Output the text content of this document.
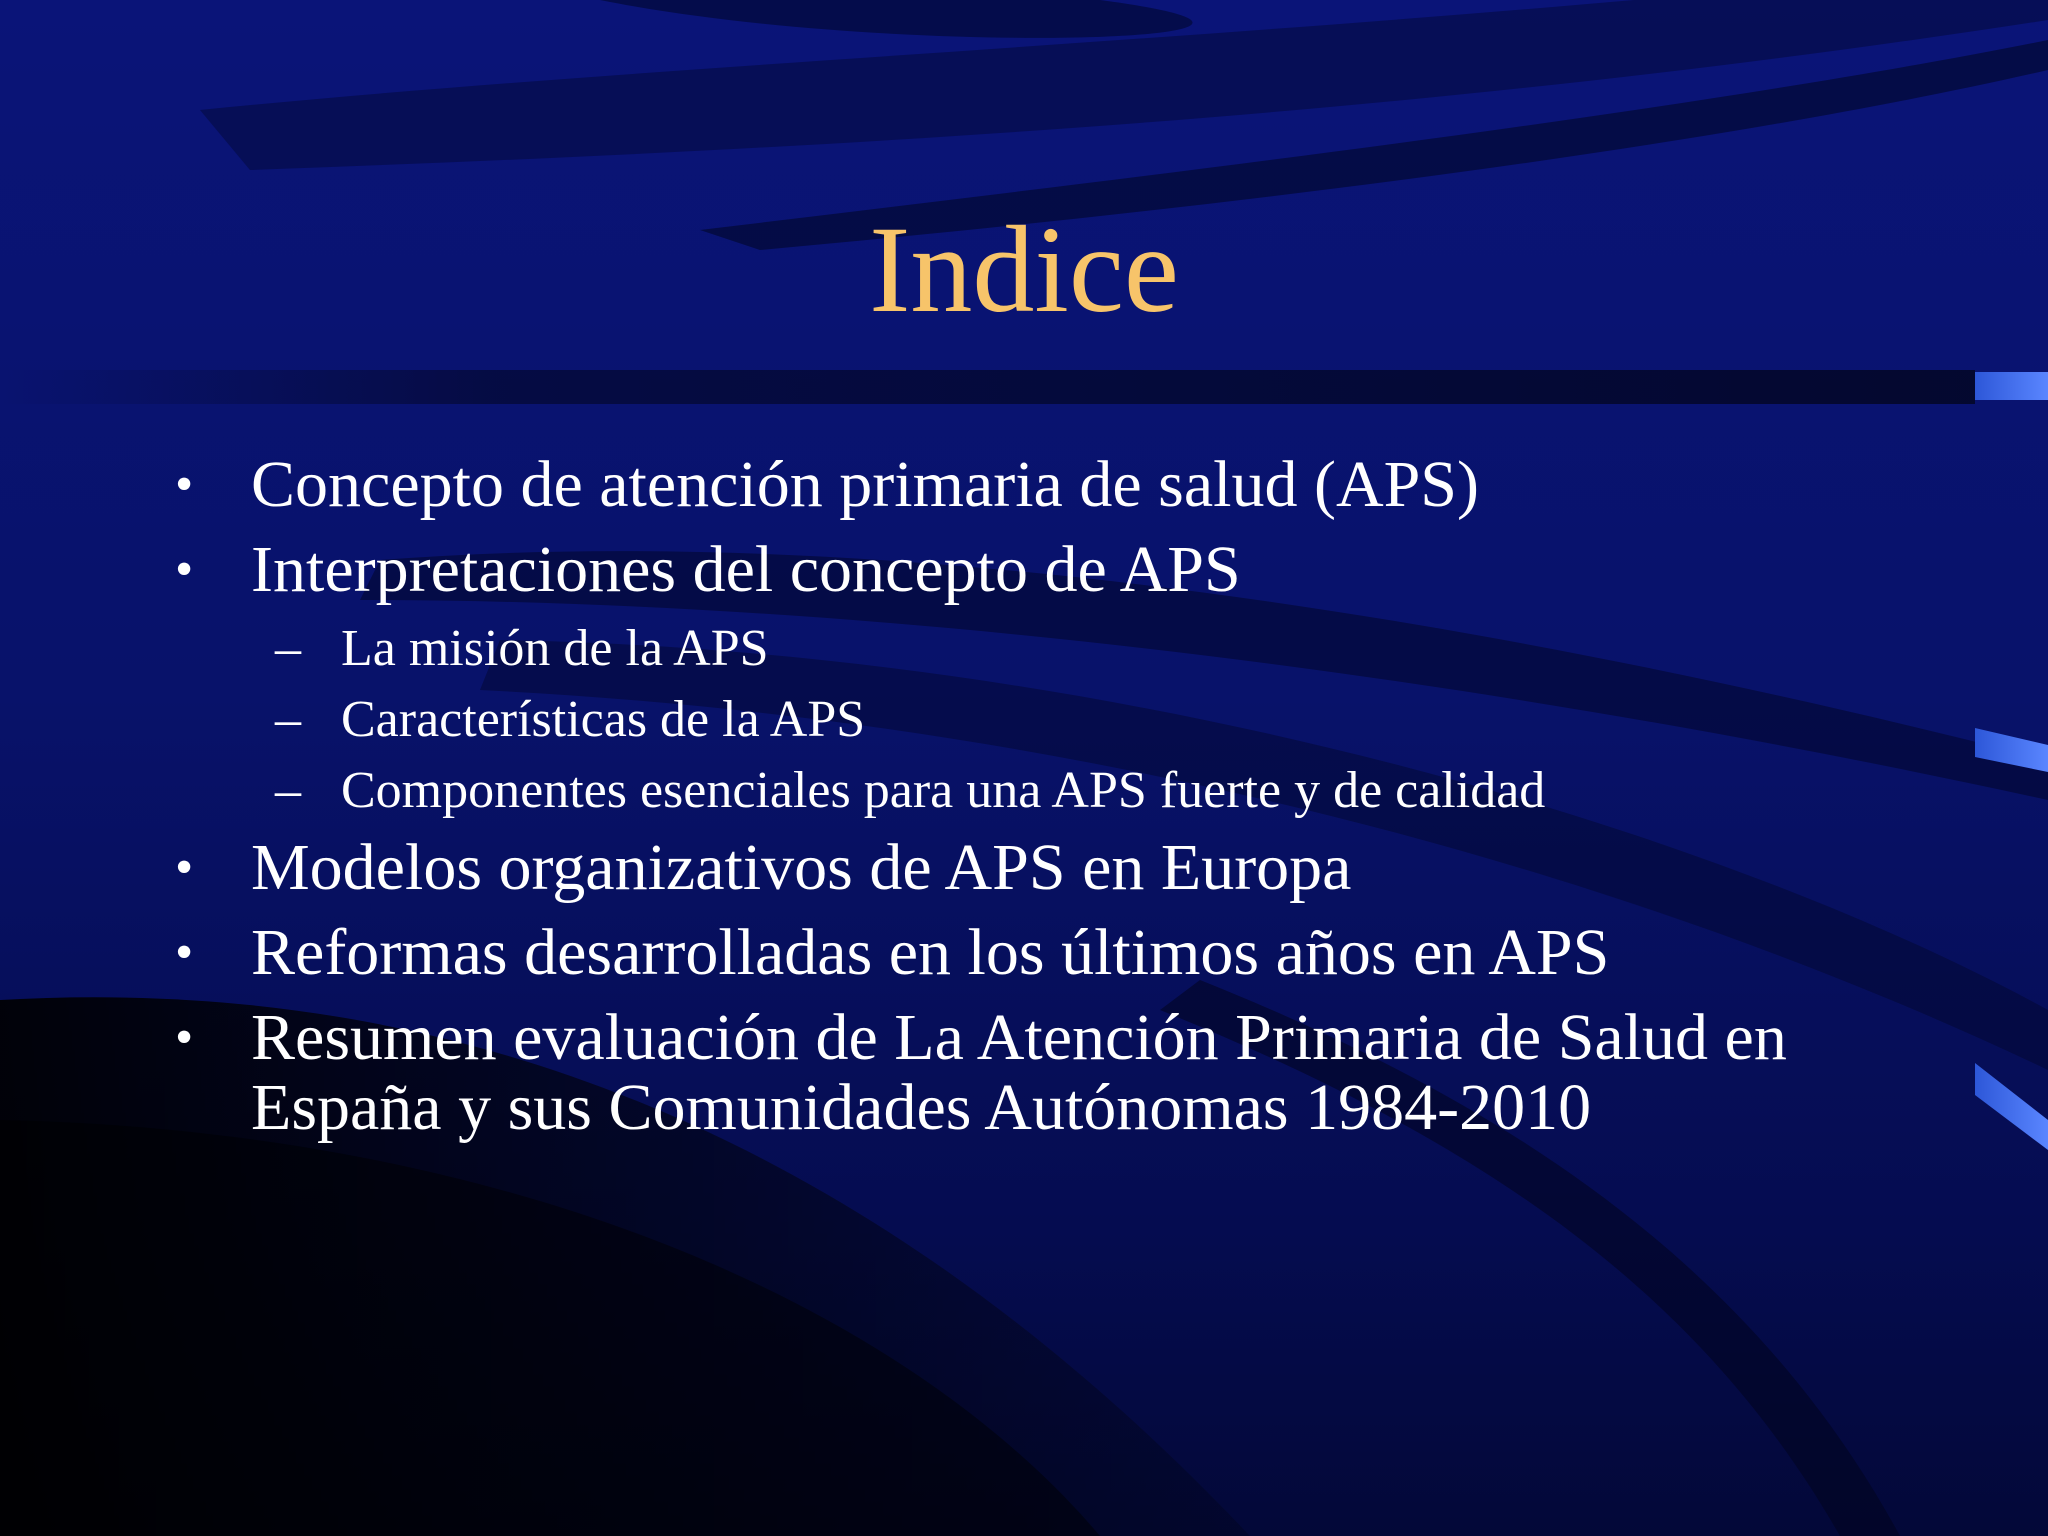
Indice
• Concepto de atención primaria de salud (APS)
• Interpretaciones del concepto de APS
– La misión de la APS
– Características de la APS
– Componentes esenciales para una APS fuerte y de calidad
• Modelos organizativos de APS en Europa
• Reformas desarrolladas en los últimos años en APS
• Resumen evaluación de La Atención Primaria de Salud en España y sus Comunidades Autónomas 1984-2010
